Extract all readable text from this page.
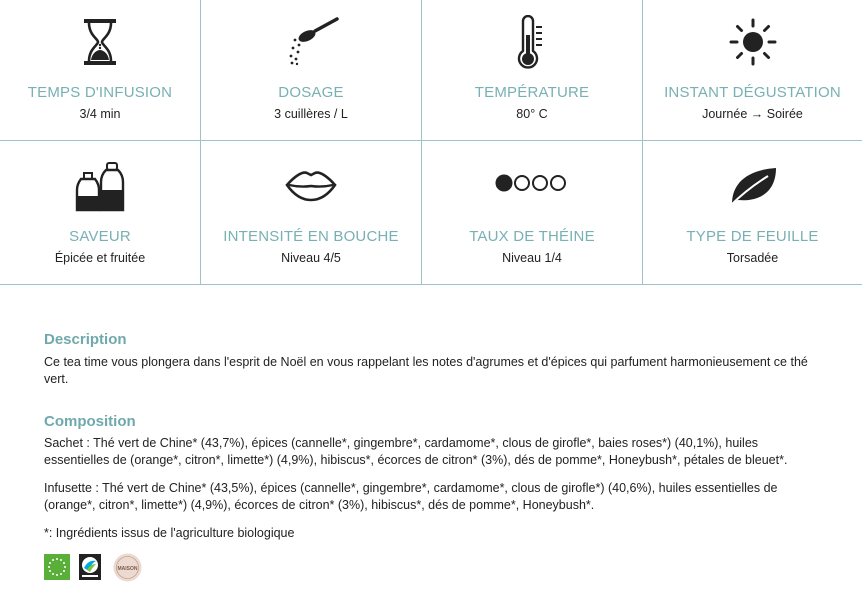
TEMPS D'INFUSION
3/4 min
DOSAGE
3 cuillères / L
TEMPÉRATURE
80° C
INSTANT DÉGUSTATION
Journée → Soirée
SAVEUR
Épicée et fruitée
INTENSITÉ EN BOUCHE
Niveau 4/5
TAUX DE THÉINE
Niveau 1/4
TYPE DE FEUILLE
Torsadée
Description
Ce tea time vous plongera dans l'esprit de Noël en vous rappelant les notes d'agrumes et d'épices qui parfument harmonieusement ce thé vert.
Composition
Sachet : Thé vert de Chine* (43,7%), épices (cannelle*, gingembre*, cardamome*, clous de girofle*, baies roses*) (40,1%), huiles essentielles de (orange*, citron*, limette*) (4,9%), hibiscus*, écorces de citron* (3%), dés de pomme*, Honeybush*, pétales de bleuet*.
Infusette : Thé vert de Chine* (43,5%), épices (cannelle*, gingembre*, cardamome*, clous de girofle*) (40,6%), huiles essentielles de (orange*, citron*, limette*) (4,9%), écorces de citron* (3%), hibiscus*, dés de pomme*, Honeybush*.
*: Ingrédients issus de l'agriculture biologique
MAISON
